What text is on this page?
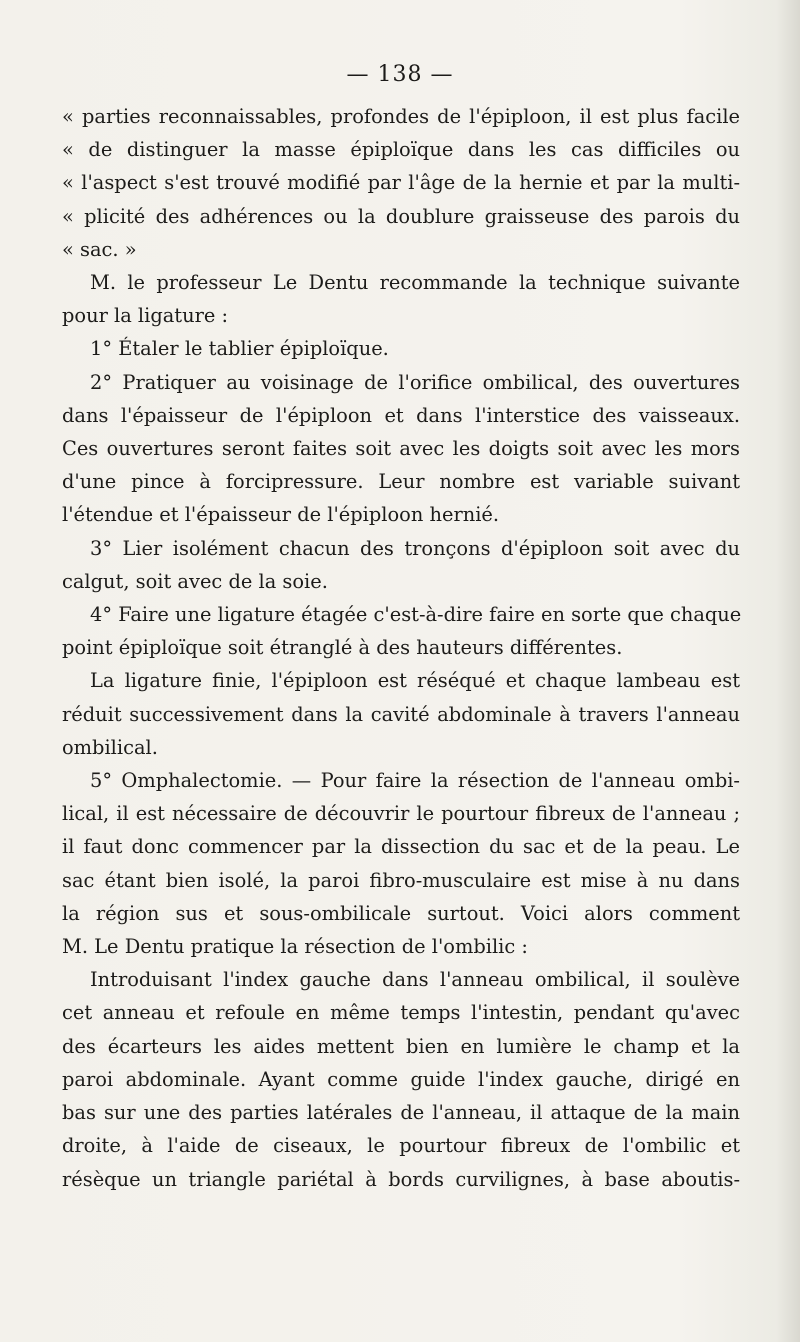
— 138 —
« parties reconnaissables, profondes de l'épiploon, il est plus facile
« de distinguer la masse épiploïque dans les cas difficiles ou
« l'aspect s'est trouvé modifié par l'âge de la hernie et par la multi-
« plicité des adhérences ou la doublure graisseuse des parois du
« sac. »
M. le professeur Le Dentu recommande la technique suivante
pour la ligature :
1° Étaler le tablier épiploïque.
2° Pratiquer au voisinage de l'orifice ombilical, des ouvertures
dans l'épaisseur de l'épiploon et dans l'interstice des vaisseaux.
Ces ouvertures seront faites soit avec les doigts soit avec les mors
d'une pince à forcipressure. Leur nombre est variable suivant
l'étendue et l'épaisseur de l'épiploon hernié.
3° Lier isolément chacun des tronçons d'épiploon soit avec du
calgut, soit avec de la soie.
4° Faire une ligature étagée c'est-à-dire faire en sorte que chaque
point épiploïque soit étranglé à des hauteurs différentes.
La ligature finie, l'épiploon est réséqué et chaque lambeau est
réduit successivement dans la cavité abdominale à travers l'anneau
ombilical.
5° Omphalectomie. — Pour faire la résection de l'anneau ombi-
lical, il est nécessaire de découvrir le pourtour fibreux de l'anneau ;
il faut donc commencer par la dissection du sac et de la peau. Le
sac étant bien isolé, la paroi fibro-musculaire est mise à nu dans
la région sus et sous-ombilicale surtout. Voici alors comment
M. Le Dentu pratique la résection de l'ombilic :
Introduisant l'index gauche dans l'anneau ombilical, il soulève
cet anneau et refoule en même temps l'intestin, pendant qu'avec
des écarteurs les aides mettent bien en lumière le champ et la
paroi abdominale. Ayant comme guide l'index gauche, dirigé en
bas sur une des parties latérales de l'anneau, il attaque de la main
droite, à l'aide de ciseaux, le pourtour fibreux de l'ombilic et
résèque un triangle pariétal à bords curvilignes, à base aboutis-
